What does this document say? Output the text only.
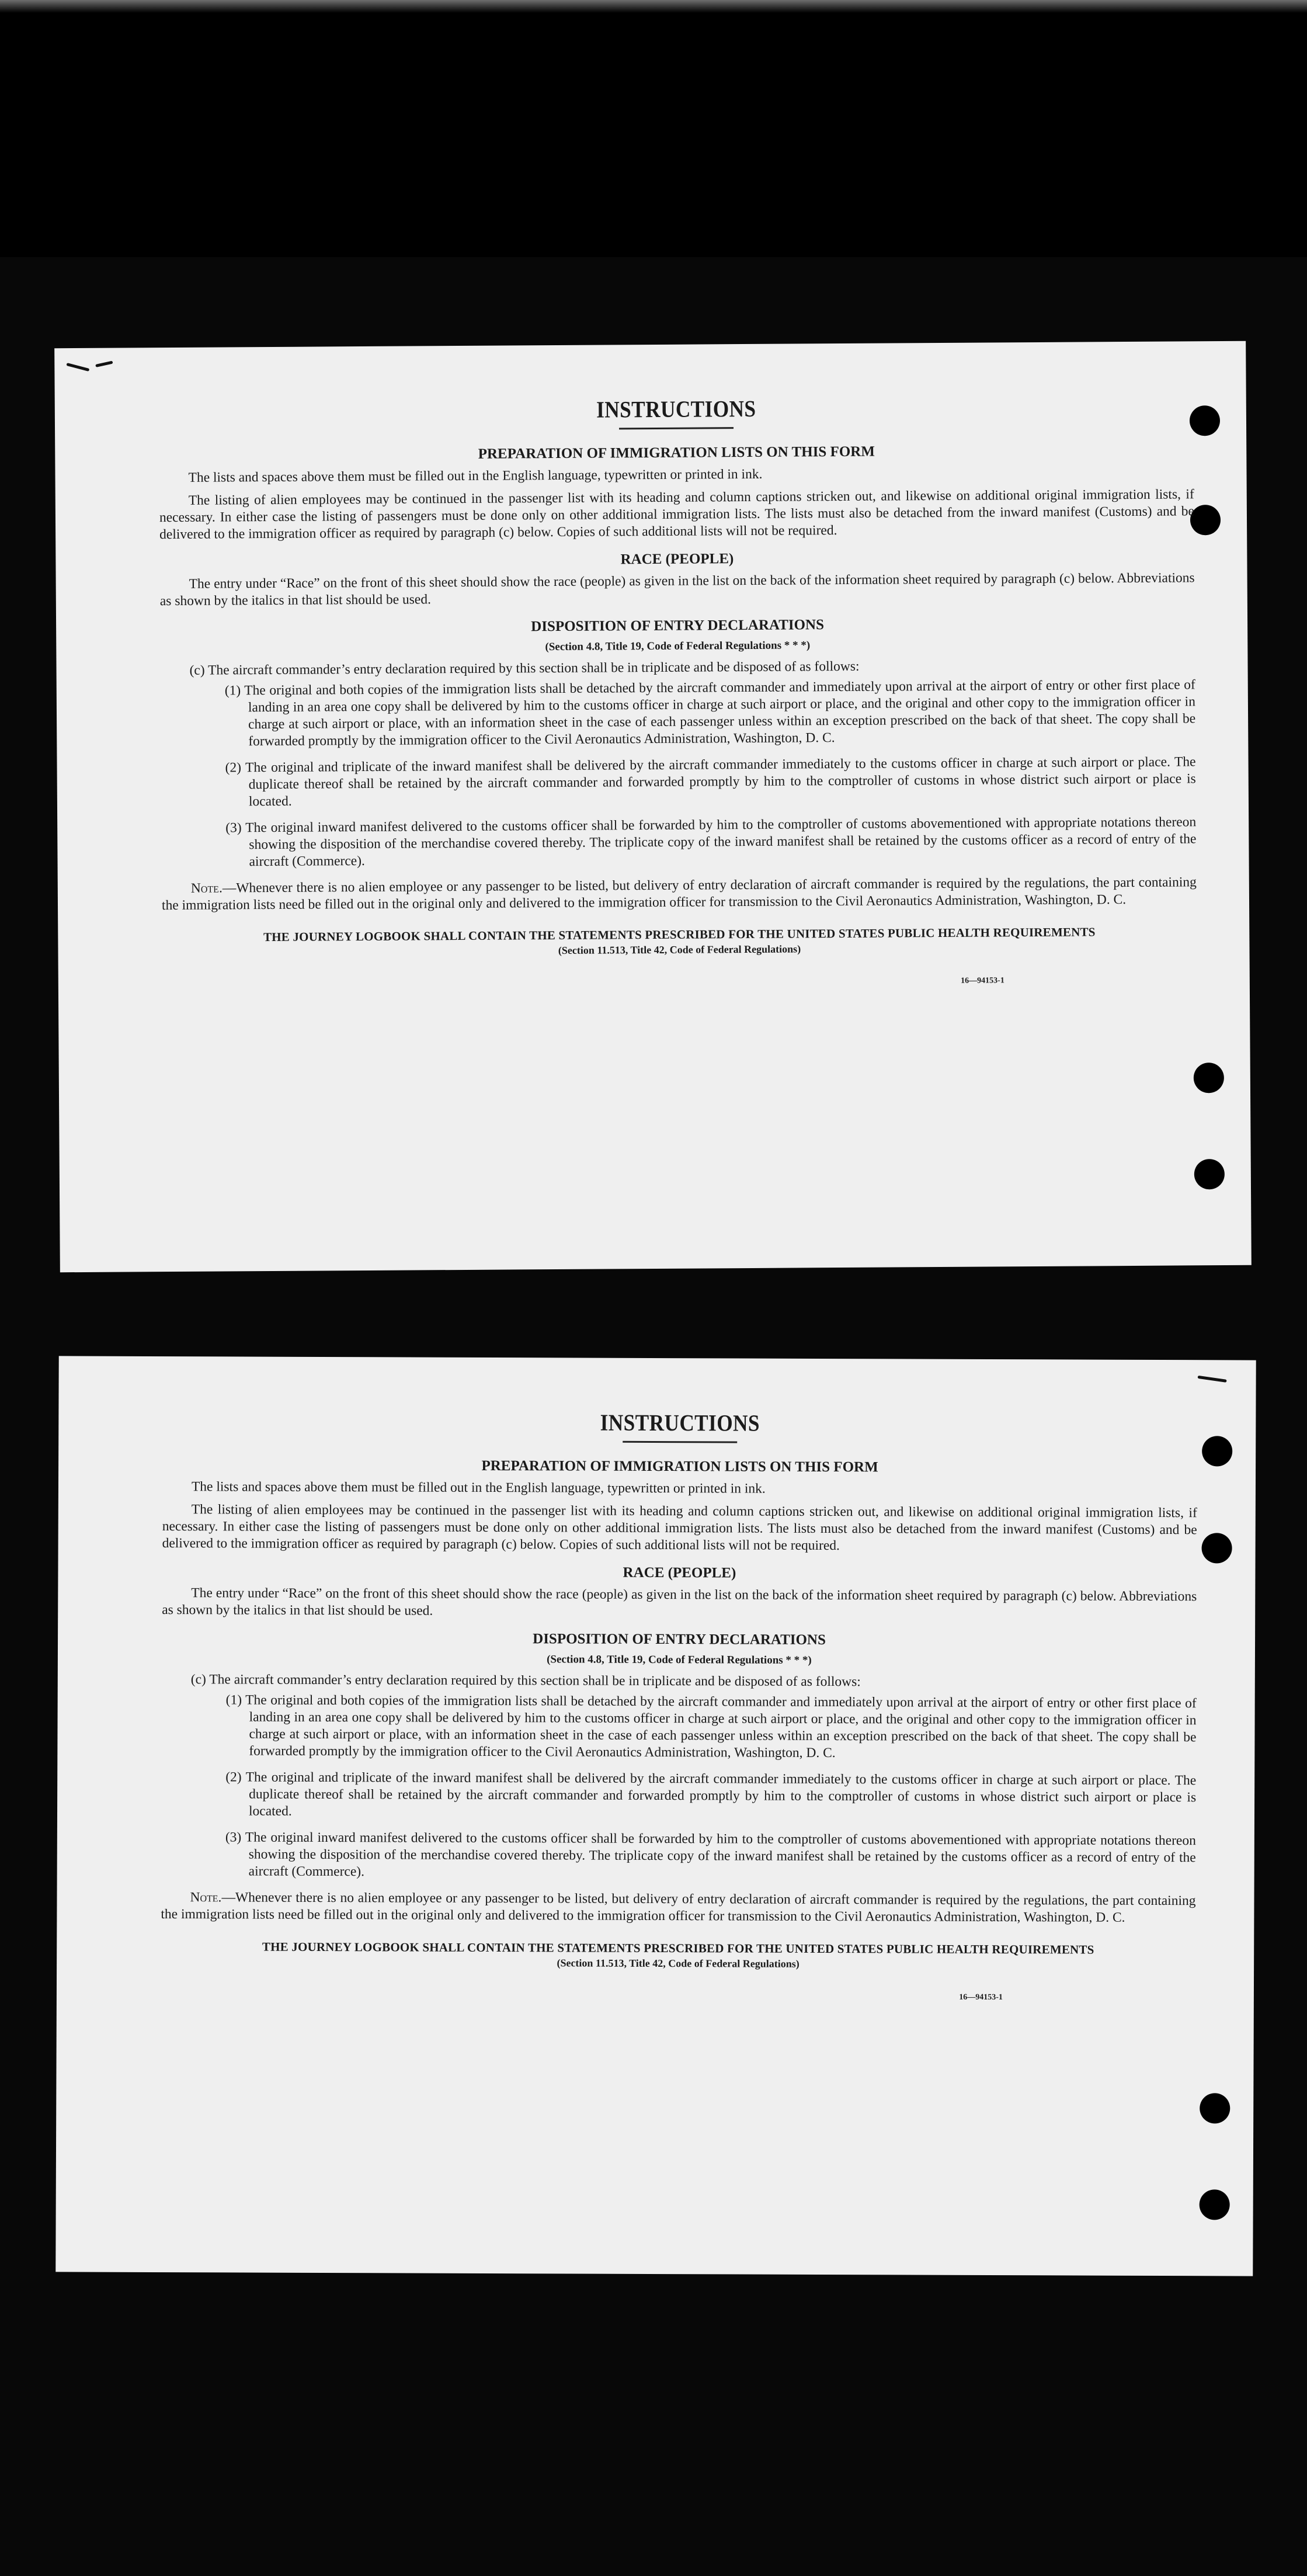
INSTRUCTIONS
PREPARATION OF IMMIGRATION LISTS ON THIS FORM

The lists and spaces above them must be filled out in the English language, typewritten or printed in ink.

The listing of alien employees may be continued in the passenger list with its heading and column captions stricken out, and likewise on additional original immigration lists, if necessary. In either case the listing of passengers must be done only on other additional immigration lists. The lists must also be detached from the inward manifest (Customs) and be delivered to the immigration officer as required by paragraph (c) below. Copies of such additional lists will not be required.

RACE (PEOPLE)

The entry under “Race” on the front of this sheet should show the race (people) as given in the list on the back of the information sheet required by paragraph (c) below. Abbreviations as shown by the italics in that list should be used.

DISPOSITION OF ENTRY DECLARATIONS
(Section 4.8, Title 19, Code of Federal Regulations * * *)

(c) The aircraft commander’s entry declaration required by this section shall be in triplicate and be disposed of as follows:

(1) The original and both copies of the immigration lists shall be detached by the aircraft commander and immediately upon arrival at the airport of entry or other first place of landing in an area one copy shall be delivered by him to the customs officer in charge at such airport or place, and the original and other copy to the immigration officer in charge at such airport or place, with an information sheet in the case of each passenger unless within an exception prescribed on the back of that sheet. The copy shall be forwarded promptly by the immigration officer to the Civil Aeronautics Administration, Washington, D. C.

(2) The original and triplicate of the inward manifest shall be delivered by the aircraft commander immediately to the customs officer in charge at such airport or place. The duplicate thereof shall be retained by the aircraft commander and forwarded promptly by him to the comptroller of customs in whose district such airport or place is located.

(3) The original inward manifest delivered to the customs officer shall be forwarded by him to the comptroller of customs abovementioned with appropriate notations thereon showing the disposition of the merchandise covered thereby. The triplicate copy of the inward manifest shall be retained by the customs officer as a record of entry of the aircraft (Commerce).

Note.—Whenever there is no alien employee or any passenger to be listed, but delivery of entry declaration of aircraft commander is required by the regulations, the part containing the immigration lists need be filled out in the original only and delivered to the immigration officer for transmission to the Civil Aeronautics Administration, Washington, D. C.

THE JOURNEY LOGBOOK SHALL CONTAIN THE STATEMENTS PRESCRIBED FOR THE UNITED STATES PUBLIC HEALTH REQUIREMENTS
(Section 11.513, Title 42, Code of Federal Regulations)
16—94153-1
INSTRUCTIONS
PREPARATION OF IMMIGRATION LISTS ON THIS FORM

The lists and spaces above them must be filled out in the English language, typewritten or printed in ink.

The listing of alien employees may be continued in the passenger list with its heading and column captions stricken out, and likewise on additional original immigration lists, if necessary. In either case the listing of passengers must be done only on other additional immigration lists. The lists must also be detached from the inward manifest (Customs) and be delivered to the immigration officer as required by paragraph (c) below. Copies of such additional lists will not be required.

RACE (PEOPLE)

The entry under “Race” on the front of this sheet should show the race (people) as given in the list on the back of the information sheet required by paragraph (c) below. Abbreviations as shown by the italics in that list should be used.

DISPOSITION OF ENTRY DECLARATIONS
(Section 4.8, Title 19, Code of Federal Regulations * * *)

(c) The aircraft commander’s entry declaration required by this section shall be in triplicate and be disposed of as follows:

(1) The original and both copies of the immigration lists shall be detached by the aircraft commander and immediately upon arrival at the airport of entry or other first place of landing in an area one copy shall be delivered by him to the customs officer in charge at such airport or place, and the original and other copy to the immigration officer in charge at such airport or place, with an information sheet in the case of each passenger unless within an exception prescribed on the back of that sheet. The copy shall be forwarded promptly by the immigration officer to the Civil Aeronautics Administration, Washington, D. C.

(2) The original and triplicate of the inward manifest shall be delivered by the aircraft commander immediately to the customs officer in charge at such airport or place. The duplicate thereof shall be retained by the aircraft commander and forwarded promptly by him to the comptroller of customs in whose district such airport or place is located.

(3) The original inward manifest delivered to the customs officer shall be forwarded by him to the comptroller of customs abovementioned with appropriate notations thereon showing the disposition of the merchandise covered thereby. The triplicate copy of the inward manifest shall be retained by the customs officer as a record of entry of the aircraft (Commerce).

Note.—Whenever there is no alien employee or any passenger to be listed, but delivery of entry declaration of aircraft commander is required by the regulations, the part containing the immigration lists need be filled out in the original only and delivered to the immigration officer for transmission to the Civil Aeronautics Administration, Washington, D. C.

THE JOURNEY LOGBOOK SHALL CONTAIN THE STATEMENTS PRESCRIBED FOR THE UNITED STATES PUBLIC HEALTH REQUIREMENTS
(Section 11.513, Title 42, Code of Federal Regulations)
16—94153-1
